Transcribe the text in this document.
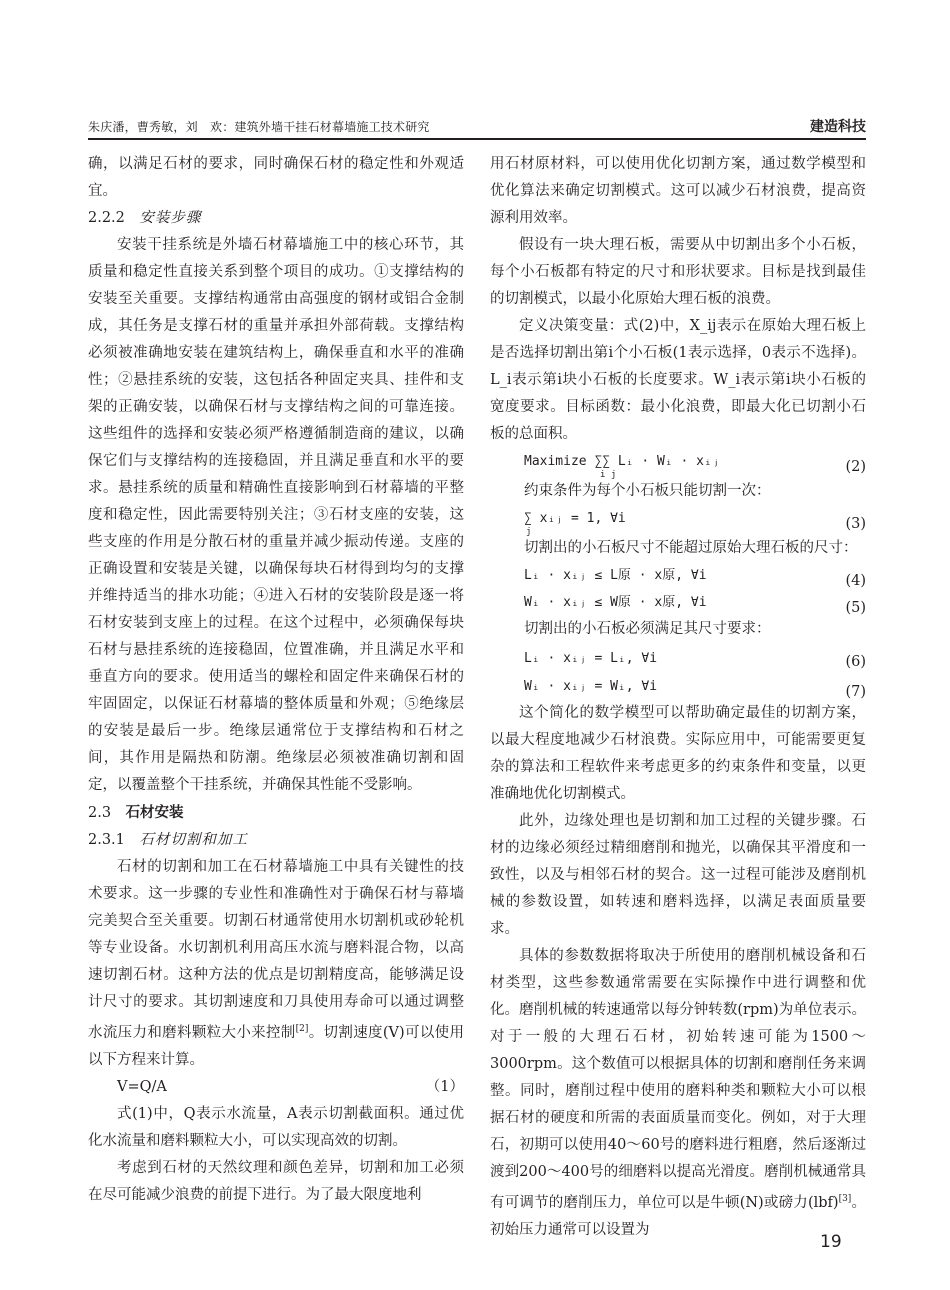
朱庆潘，曹秀敏，刘　欢：建筑外墙干挂石材幕墙施工技术研究	建造科技

确，以满足石材的要求，同时确保石材的稳定性和外观适宜。

2.2.2 安装步骤

安装干挂系统是外墙石材幕墙施工中的核心环节，其质量和稳定性直接关系到整个项目的成功。①支撑结构的安装至关重要。支撑结构通常由高强度的钢材或铝合金制成，其任务是支撑石材的重量并承担外部荷载。支撑结构必须被准确地安装在建筑结构上，确保垂直和水平的准确性；②悬挂系统的安装，这包括各种固定夹具、挂件和支架的正确安装，以确保石材与支撑结构之间的可靠连接。这些组件的选择和安装必须严格遵循制造商的建议，以确保它们与支撑结构的连接稳固，并且满足垂直和水平的要求。悬挂系统的质量和精确性直接影响到石材幕墙的平整度和稳定性，因此需要特别关注；③石材支座的安装，这些支座的作用是分散石材的重量并减少振动传递。支座的正确设置和安装是关键，以确保每块石材得到均匀的支撑并维持适当的排水功能；④进入石材的安装阶段是逐一将石材安装到支座上的过程。在这个过程中，必须确保每块石材与悬挂系统的连接稳固，位置准确，并且满足水平和垂直方向的要求。使用适当的螺栓和固定件来确保石材的牢固固定，以保证石材幕墙的整体质量和外观；⑤绝缘层的安装是最后一步。绝缘层通常位于支撑结构和石材之间，其作用是隔热和防潮。绝缘层必须被准确切割和固定，以覆盖整个干挂系统，并确保其性能不受影响。

2.3 石材安装
2.3.1 石材切割和加工

石材的切割和加工在石材幕墙施工中具有关键性的技术要求。这一步骤的专业性和准确性对于确保石材与幕墙完美契合至关重要。切割石材通常使用水切割机或砂轮机等专业设备。水切割机利用高压水流与磨料混合物，以高速切割石材。这种方法的优点是切割精度高，能够满足设计尺寸的要求。其切割速度和刀具使用寿命可以通过调整水流压力和磨料颗粒大小来控制[2]。切割速度(V)可以使用以下方程来计算。

V=Q/A	（1）

式(1)中，Q表示水流量，A表示切割截面积。通过优化水流量和磨料颗粒大小，可以实现高效的切割。

考虑到石材的天然纹理和颜色差异，切割和加工必须在尽可能减少浪费的前提下进行。为了最大限度地利

用石材原材料，可以使用优化切割方案，通过数学模型和优化算法来确定切割模式。这可以减少石材浪费，提高资源利用效率。

假设有一块大理石板，需要从中切割出多个小石板，每个小石板都有特定的尺寸和形状要求。目标是找到最佳的切割模式，以最小化原始大理石板的浪费。

定义决策变量：式(2)中，X_ij表示在原始大理石板上是否选择切割出第i个小石板(1表示选择，0表示不选择)。L_i表示第i块小石板的长度要求。W_i表示第i块小石板的宽度要求。目标函数：最小化浪费，即最大化已切割小石板的总面积。

Maximize ∑∑ Lᵢ · Wᵢ · xᵢⱼ
i j	(2)
约束条件为每个小石板只能切割一次：
∑ xᵢⱼ = 1, ∀i
j	(3)
切割出的小石板尺寸不能超过原始大理石板的尺寸：
Lᵢ · xᵢⱼ ≤ L原 · x原, ∀i	(4)
Wᵢ · xᵢⱼ ≤ W原 · x原, ∀i	(5)
切割出的小石板必须满足其尺寸要求：
Lᵢ · xᵢⱼ = Lᵢ, ∀i	(6)
Wᵢ · xᵢⱼ = Wᵢ, ∀i	(7)

这个简化的数学模型可以帮助确定最佳的切割方案，以最大程度地减少石材浪费。实际应用中，可能需要更复杂的算法和工程软件来考虑更多的约束条件和变量，以更准确地优化切割模式。

此外，边缘处理也是切割和加工过程的关键步骤。石材的边缘必须经过精细磨削和抛光，以确保其平滑度和一致性，以及与相邻石材的契合。这一过程可能涉及磨削机械的参数设置，如转速和磨料选择，以满足表面质量要求。

具体的参数数据将取决于所使用的磨削机械设备和石材类型，这些参数通常需要在实际操作中进行调整和优化。磨削机械的转速通常以每分钟转数(rpm)为单位表示。对于一般的大理石石材，初始转速可能为1500～3000rpm。这个数值可以根据具体的切割和磨削任务来调整。同时，磨削过程中使用的磨料种类和颗粒大小可以根据石材的硬度和所需的表面质量而变化。例如，对于大理石，初期可以使用40～60号的磨料进行粗磨，然后逐渐过渡到200～400号的细磨料以提高光滑度。磨削机械通常具有可调节的磨削压力，单位可以是牛顿(N)或磅力(lbf)[3]。初始压力通常可以设置为

19
